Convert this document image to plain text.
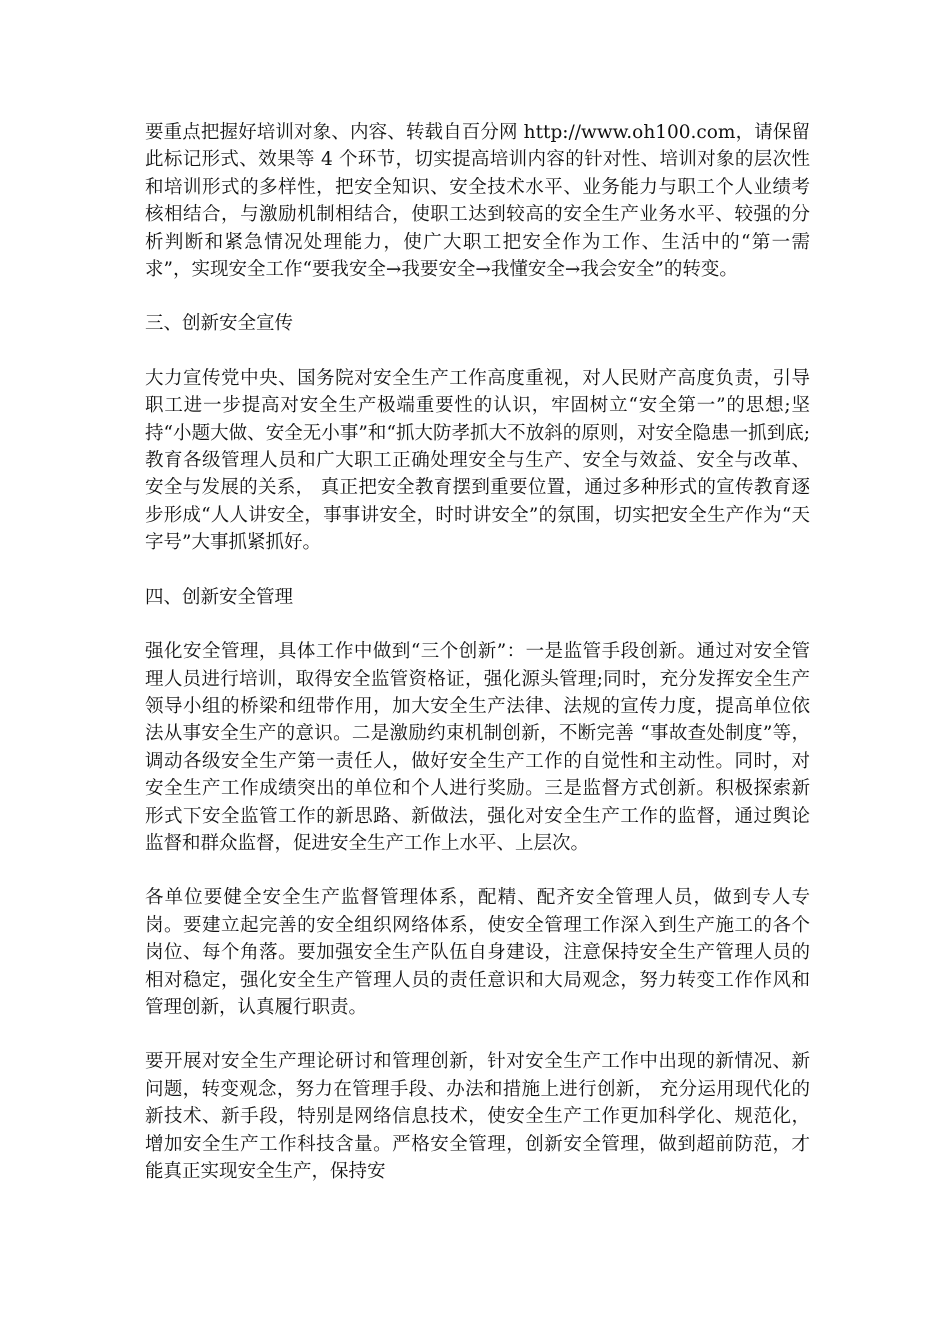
要重点把握好培训对象、内容、转载自百分网 http://www.oh100.com，请保留此标记形式、效果等 4 个环节，切实提高培训内容的针对性、培训对象的层次性和培训形式的多样性，把安全知识、安全技术水平、业务能力与职工个人业绩考核相结合，与激励机制相结合，使职工达到较高的安全生产业务水平、较强的分析判断和紧急情况处理能力，使广大职工把安全作为工作、生活中的“第一需求”，实现安全工作“要我安全→我要安全→我懂安全→我会安全”的转变。

三、创新安全宣传

大力宣传党中央、国务院对安全生产工作高度重视，对人民财产高度负责，引导职工进一步提高对安全生产极端重要性的认识，牢固树立“安全第一”的思想;坚持“小题大做、安全无小事”和“抓大防孝抓大不放斜的原则，对安全隐患一抓到底;教育各级管理人员和广大职工正确处理安全与生产、安全与效益、安全与改革、安全与发展的关系， 真正把安全教育摆到重要位置，通过多种形式的宣传教育逐步形成“人人讲安全，事事讲安全，时时讲安全”的氛围，切实把安全生产作为“天字号”大事抓紧抓好。

四、创新安全管理

强化安全管理，具体工作中做到“三个创新”：一是监管手段创新。通过对安全管理人员进行培训，取得安全监管资格证，强化源头管理;同时，充分发挥安全生产领导小组的桥梁和纽带作用，加大安全生产法律、法规的宣传力度，提高单位依法从事安全生产的意识。二是激励约束机制创新，不断完善 “事故查处制度”等，调动各级安全生产第一责任人，做好安全生产工作的自觉性和主动性。同时，对安全生产工作成绩突出的单位和个人进行奖励。三是监督方式创新。积极探索新形式下安全监管工作的新思路、新做法，强化对安全生产工作的监督，通过舆论监督和群众监督，促进安全生产工作上水平、上层次。

各单位要健全安全生产监督管理体系，配精、配齐安全管理人员，做到专人专岗。要建立起完善的安全组织网络体系，使安全管理工作深入到生产施工的各个岗位、每个角落。要加强安全生产队伍自身建设，注意保持安全生产管理人员的相对稳定，强化安全生产管理人员的责任意识和大局观念，努力转变工作作风和管理创新，认真履行职责。

要开展对安全生产理论研讨和管理创新，针对安全生产工作中出现的新情况、新问题，转变观念，努力在管理手段、办法和措施上进行创新， 充分运用现代化的新技术、新手段，特别是网络信息技术，使安全生产工作更加科学化、规范化，增加安全生产工作科技含量。严格安全管理，创新安全管理，做到超前防范，才能真正实现安全生产，保持安
